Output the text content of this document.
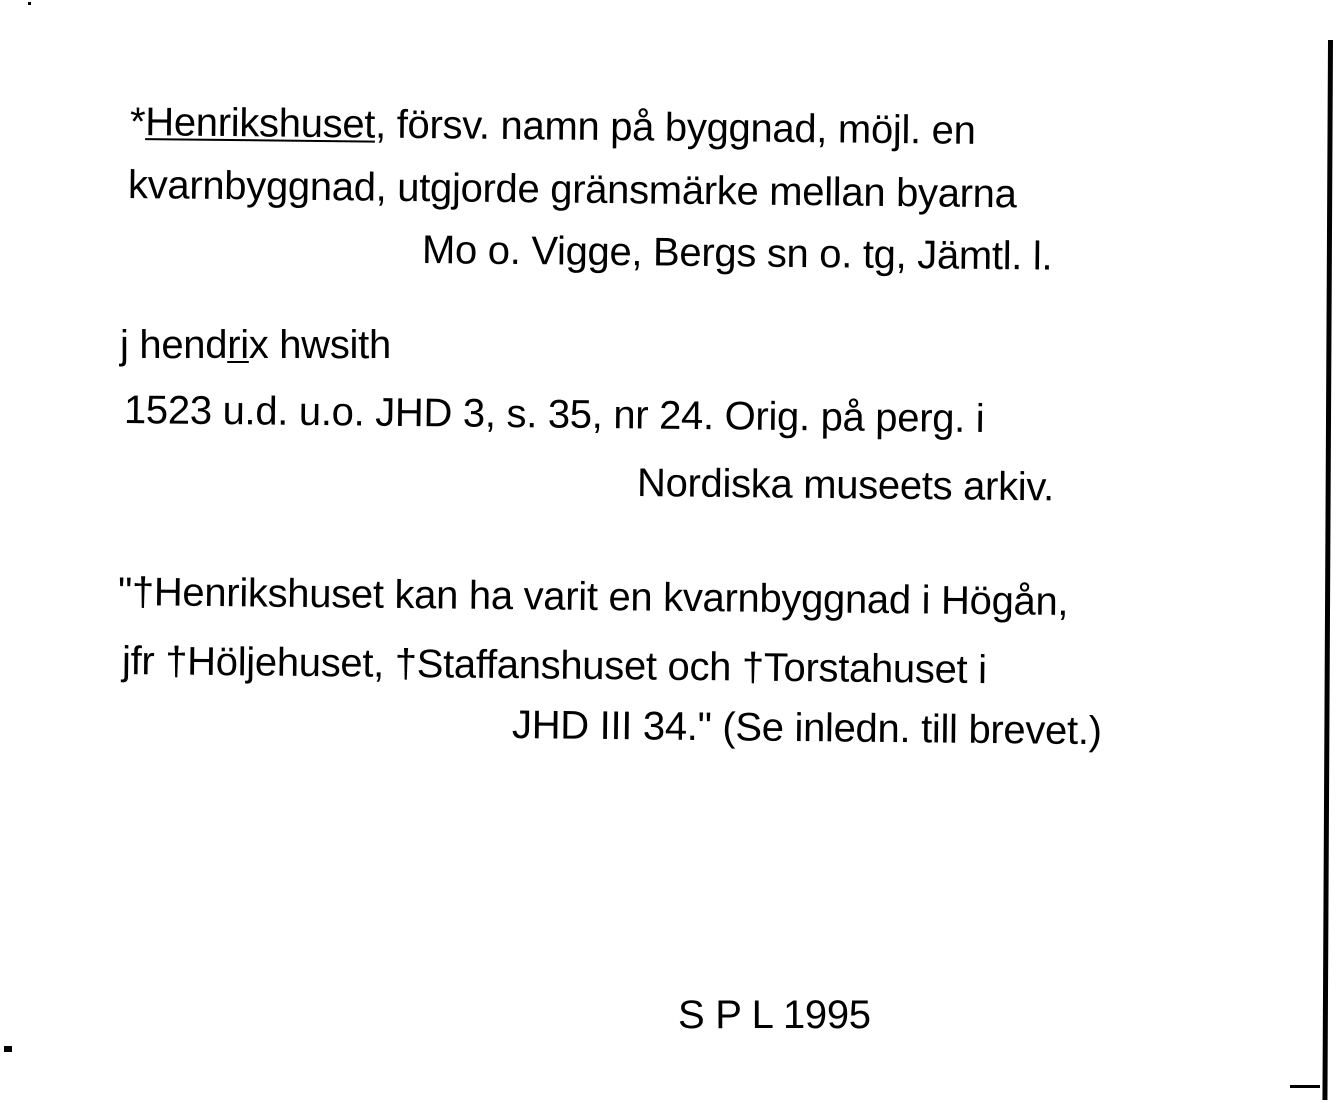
*Henrikshuset, försv. namn på byggnad, möjl. en
kvarnbyggnad, utgjorde gränsmärke mellan byarna
Mo o. Vigge, Bergs sn o. tg, Jämtl. l.
j hendrix hwsith
1523 u.d. u.o. JHD 3, s. 35, nr 24. Orig. på perg. i
Nordiska museets arkiv.
"†Henrikshuset kan ha varit en kvarnbyggnad i Högån,
jfr †Höljehuset, †Staffanshuset och †Torstahuset i
JHD III 34." (Se inledn. till brevet.)
S P L 1995
